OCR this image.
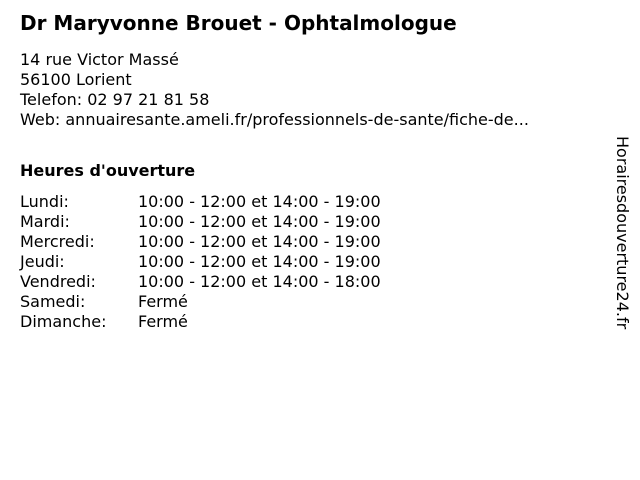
Dr Maryvonne Brouet - Ophtalmologue
14 rue Victor Massé
56100 Lorient
Telefon: 02 97 21 81 58
Web: annuairesante.ameli.fr/professionnels-de-sante/fiche-de...
Heures d'ouverture
Lundi:	10:00 - 12:00 et 14:00 - 19:00
Mardi:	10:00 - 12:00 et 14:00 - 19:00
Mercredi:	10:00 - 12:00 et 14:00 - 19:00
Jeudi:	10:00 - 12:00 et 14:00 - 19:00
Vendredi:	10:00 - 12:00 et 14:00 - 18:00
Samedi:	Fermé
Dimanche:	Fermé	Horairesdouverture24.fr
